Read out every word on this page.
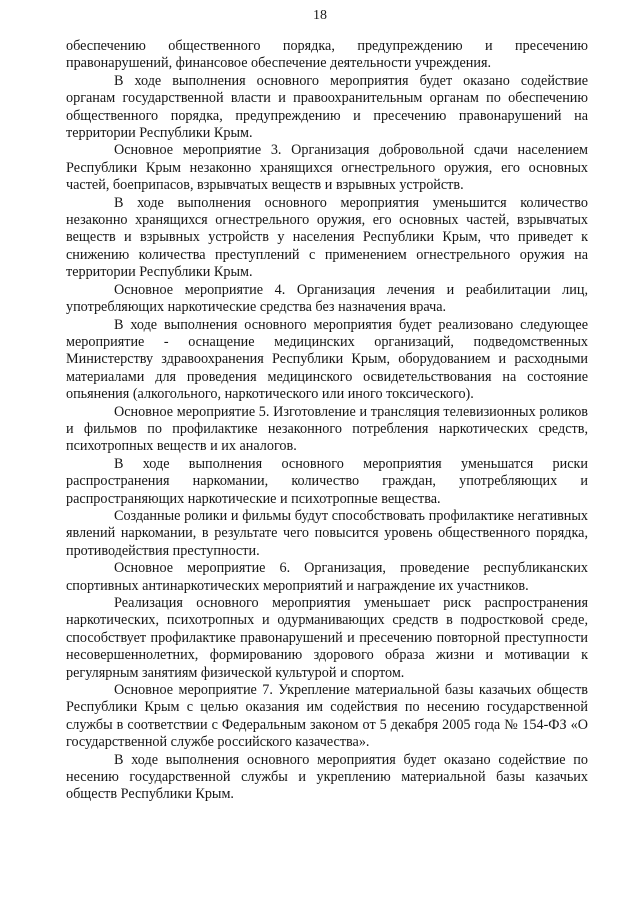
18

обеспечению общественного порядка, предупреждению и пресечению правонарушений, финансовое обеспечение деятельности учреждения.

В ходе выполнения основного мероприятия будет оказано содействие органам государственной власти и правоохранительным органам по обеспечению общественного порядка, предупреждению и пресечению правонарушений на территории Республики Крым.

Основное мероприятие 3. Организация добровольной сдачи населением Республики Крым незаконно хранящихся огнестрельного оружия, его основных частей, боеприпасов, взрывчатых веществ и взрывных устройств.

В ходе выполнения основного мероприятия уменьшится количество незаконно хранящихся огнестрельного оружия, его основных частей, взрывчатых веществ и взрывных устройств у населения Республики Крым, что приведет к снижению количества преступлений с применением огнестрельного оружия на территории Республики Крым.

Основное мероприятие 4. Организация лечения и реабилитации лиц, употребляющих наркотические средства без назначения врача.

В ходе выполнения основного мероприятия будет реализовано следующее мероприятие - оснащение медицинских организаций, подведомственных Министерству здравоохранения Республики Крым, оборудованием и расходными материалами для проведения медицинского освидетельствования на состояние опьянения (алкогольного, наркотического или иного токсического).

Основное мероприятие 5. Изготовление и трансляция телевизионных роликов и фильмов по профилактике незаконного потребления наркотических средств, психотропных веществ и их аналогов.

В ходе выполнения основного мероприятия уменьшатся риски распространения наркомании, количество граждан, употребляющих и распространяющих наркотические и психотропные вещества.

Созданные ролики и фильмы будут способствовать профилактике негативных явлений наркомании, в результате чего повысится уровень общественного порядка, противодействия преступности.

Основное мероприятие 6. Организация, проведение республиканских спортивных антинаркотических мероприятий и награждение их участников.

Реализация основного мероприятия уменьшает риск распространения наркотических, психотропных и одурманивающих средств в подростковой среде, способствует профилактике правонарушений и пресечению повторной преступности несовершеннолетних, формированию здорового образа жизни и мотивации к регулярным занятиям физической культурой и спортом.

Основное мероприятие 7. Укрепление материальной базы казачьих обществ Республики Крым с целью оказания им содействия по несению государственной службы в соответствии с Федеральным законом от 5 декабря 2005 года № 154-ФЗ «О государственной службе российского казачества».

В ходе выполнения основного мероприятия будет оказано содействие по несению государственной службы и укреплению материальной базы казачьих обществ Республики Крым.
